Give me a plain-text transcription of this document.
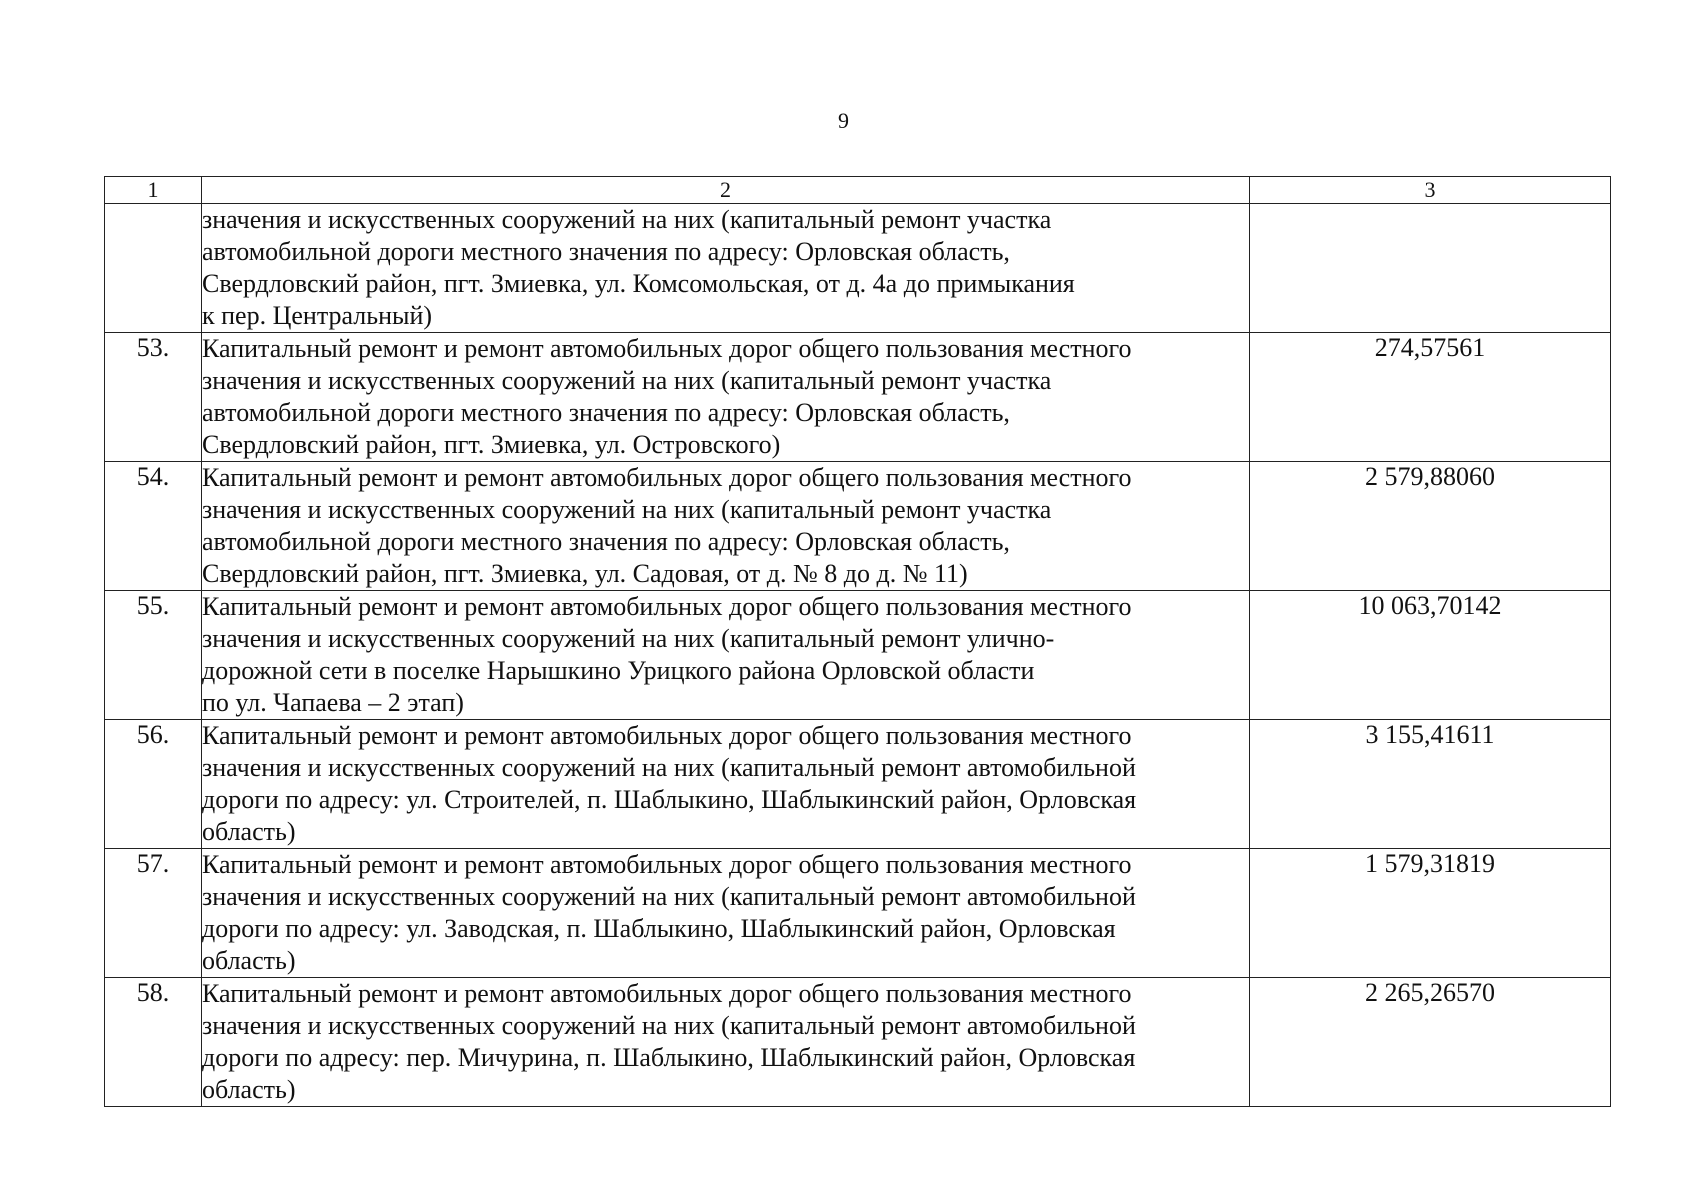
9
1	2	3

	значения и искусственных сооружений на них (капитальный ремонт участка
автомобильной дороги местного значения по адресу: Орловская область,
Свердловский район, пгт. Змиевка, ул. Комсомольская, от д. 4а до примыкания
к пер. Центральный)	

53.	Капитальный ремонт и ремонт автомобильных дорог общего пользования местного
значения и искусственных сооружений на них (капитальный ремонт участка
автомобильной дороги местного значения по адресу: Орловская область,
Свердловский район, пгт. Змиевка, ул. Островского)	274,57561
54.	Капитальный ремонт и ремонт автомобильных дорог общего пользования местного
значения и искусственных сооружений на них (капитальный ремонт участка
автомобильной дороги местного значения по адресу: Орловская область,
Свердловский район, пгт. Змиевка, ул. Садовая, от д. № 8 до д. № 11)	2 579,88060
55.	Капитальный ремонт и ремонт автомобильных дорог общего пользования местного
значения и искусственных сооружений на них (капитальный ремонт улично-
дорожной сети в поселке Нарышкино Урицкого района Орловской области
по ул. Чапаева – 2 этап)	10 063,70142
56.	Капитальный ремонт и ремонт автомобильных дорог общего пользования местного
значения и искусственных сооружений на них (капитальный ремонт автомобильной
дороги по адресу: ул. Строителей, п. Шаблыкино, Шаблыкинский район, Орловская
область)	3 155,41611
57.	Капитальный ремонт и ремонт автомобильных дорог общего пользования местного
значения и искусственных сооружений на них (капитальный ремонт автомобильной
дороги по адресу: ул. Заводская, п. Шаблыкино, Шаблыкинский район, Орловская
область)	1 579,31819
58.	Капитальный ремонт и ремонт автомобильных дорог общего пользования местного
значения и искусственных сооружений на них (капитальный ремонт автомобильной
дороги по адресу: пер. Мичурина, п. Шаблыкино, Шаблыкинский район, Орловская
область)	2 265,26570
